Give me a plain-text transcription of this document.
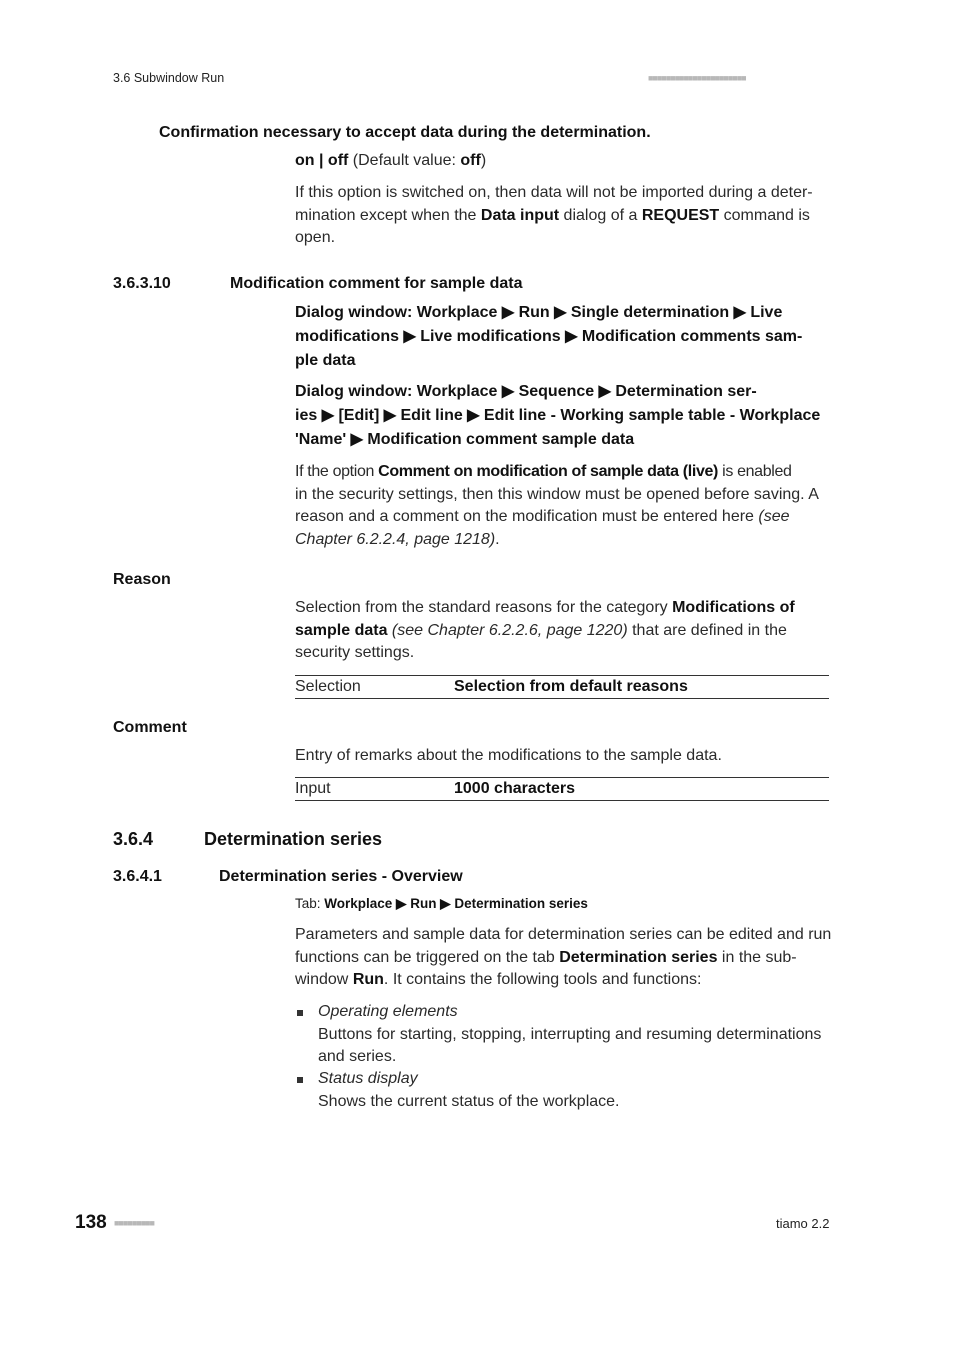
3.6 Subwindow Run	■■■■■■■■■■■■■■■■■■■■■■
Confirmation necessary to accept data during the determination.
on | off (Default value: off)
If this option is switched on, then data will not be imported during a deter-
mination except when the Data input dialog of a REQUEST command is
open.
3.6.3.10	Modification comment for sample data
Dialog window: Workplace ▶ Run ▶ Single determination ▶ Live
modifications ▶ Live modifications ▶ Modification comments sam-
ple data
Dialog window: Workplace ▶ Sequence ▶ Determination ser-
ies ▶ [Edit] ▶ Edit line ▶ Edit line - Working sample table - Workplace
'Name' ▶ Modification comment sample data
If the option Comment on modification of sample data (live) is enabled
in the security settings, then this window must be opened before saving. A
reason and a comment on the modification must be entered here (see
Chapter 6.2.2.4, page 1218).
Reason
Selection from the standard reasons for the category Modifications of
sample data (see Chapter 6.2.2.6, page 1220) that are defined in the
security settings.
Selection	Selection from default reasons
Comment
Entry of remarks about the modifications to the sample data.
Input	1000 characters
3.6.4	Determination series
3.6.4.1	Determination series - Overview
Tab: Workplace ▶ Run ▶ Determination series
Parameters and sample data for determination series can be edited and run
functions can be triggered on the tab Determination series in the sub-
window Run. It contains the following tools and functions:
Operating elements
Buttons for starting, stopping, interrupting and resuming determinations
and series.
Status display
Shows the current status of the workplace.
138 ■■■■■■■■■	tiamo 2.2
